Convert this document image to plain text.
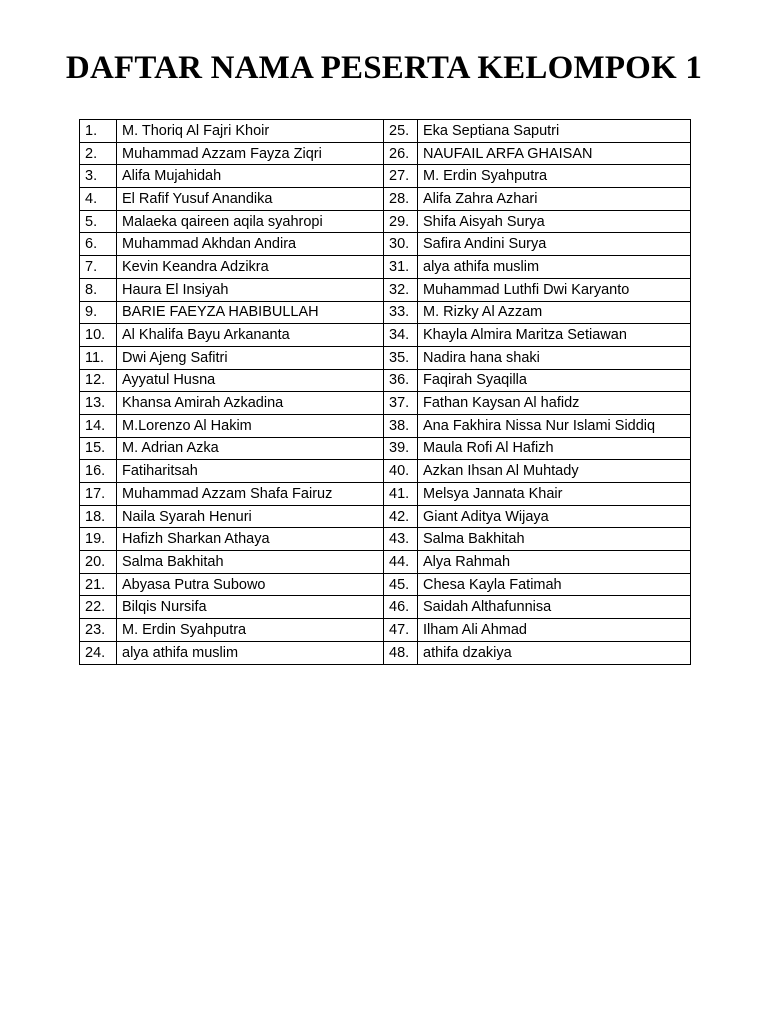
DAFTAR NAMA PESERTA KELOMPOK 1
1.	M. Thoriq Al Fajri Khoir	25.	Eka Septiana Saputri
2.	Muhammad Azzam Fayza Ziqri	26.	NAUFAIL ARFA GHAISAN
3.	Alifa Mujahidah	27.	M. Erdin Syahputra
4.	El Rafif Yusuf Anandika	28.	Alifa Zahra Azhari
5.	Malaeka qaireen aqila syahropi	29.	Shifa Aisyah Surya
6.	Muhammad Akhdan Andira	30.	Safira Andini Surya
7.	Kevin Keandra Adzikra	31.	alya athifa muslim
8.	Haura El Insiyah	32.	Muhammad Luthfi Dwi Karyanto
9.	BARIE FAEYZA HABIBULLAH	33.	M. Rizky Al Azzam
10.	Al Khalifa Bayu Arkananta	34.	Khayla Almira Maritza Setiawan
11.	Dwi Ajeng Safitri	35.	Nadira hana shaki
12.	Ayyatul Husna	36.	Faqirah Syaqilla
13.	Khansa Amirah Azkadina	37.	Fathan Kaysan Al hafidz
14.	M.Lorenzo Al Hakim	38.	Ana Fakhira Nissa Nur Islami Siddiq
15.	M. Adrian Azka	39.	Maula Rofi Al Hafizh
16.	Fatiharitsah	40.	Azkan Ihsan Al Muhtady
17.	Muhammad Azzam Shafa Fairuz	41.	Melsya Jannata Khair
18.	Naila Syarah Henuri	42.	Giant Aditya Wijaya
19.	Hafizh Sharkan Athaya	43.	Salma Bakhitah
20.	Salma Bakhitah	44.	Alya Rahmah
21.	Abyasa Putra Subowo	45.	Chesa Kayla Fatimah
22.	Bilqis Nursifa	46.	Saidah Althafunnisa
23.	M. Erdin Syahputra	47.	Ilham Ali Ahmad
24.	alya athifa muslim	48.	athifa dzakiya
